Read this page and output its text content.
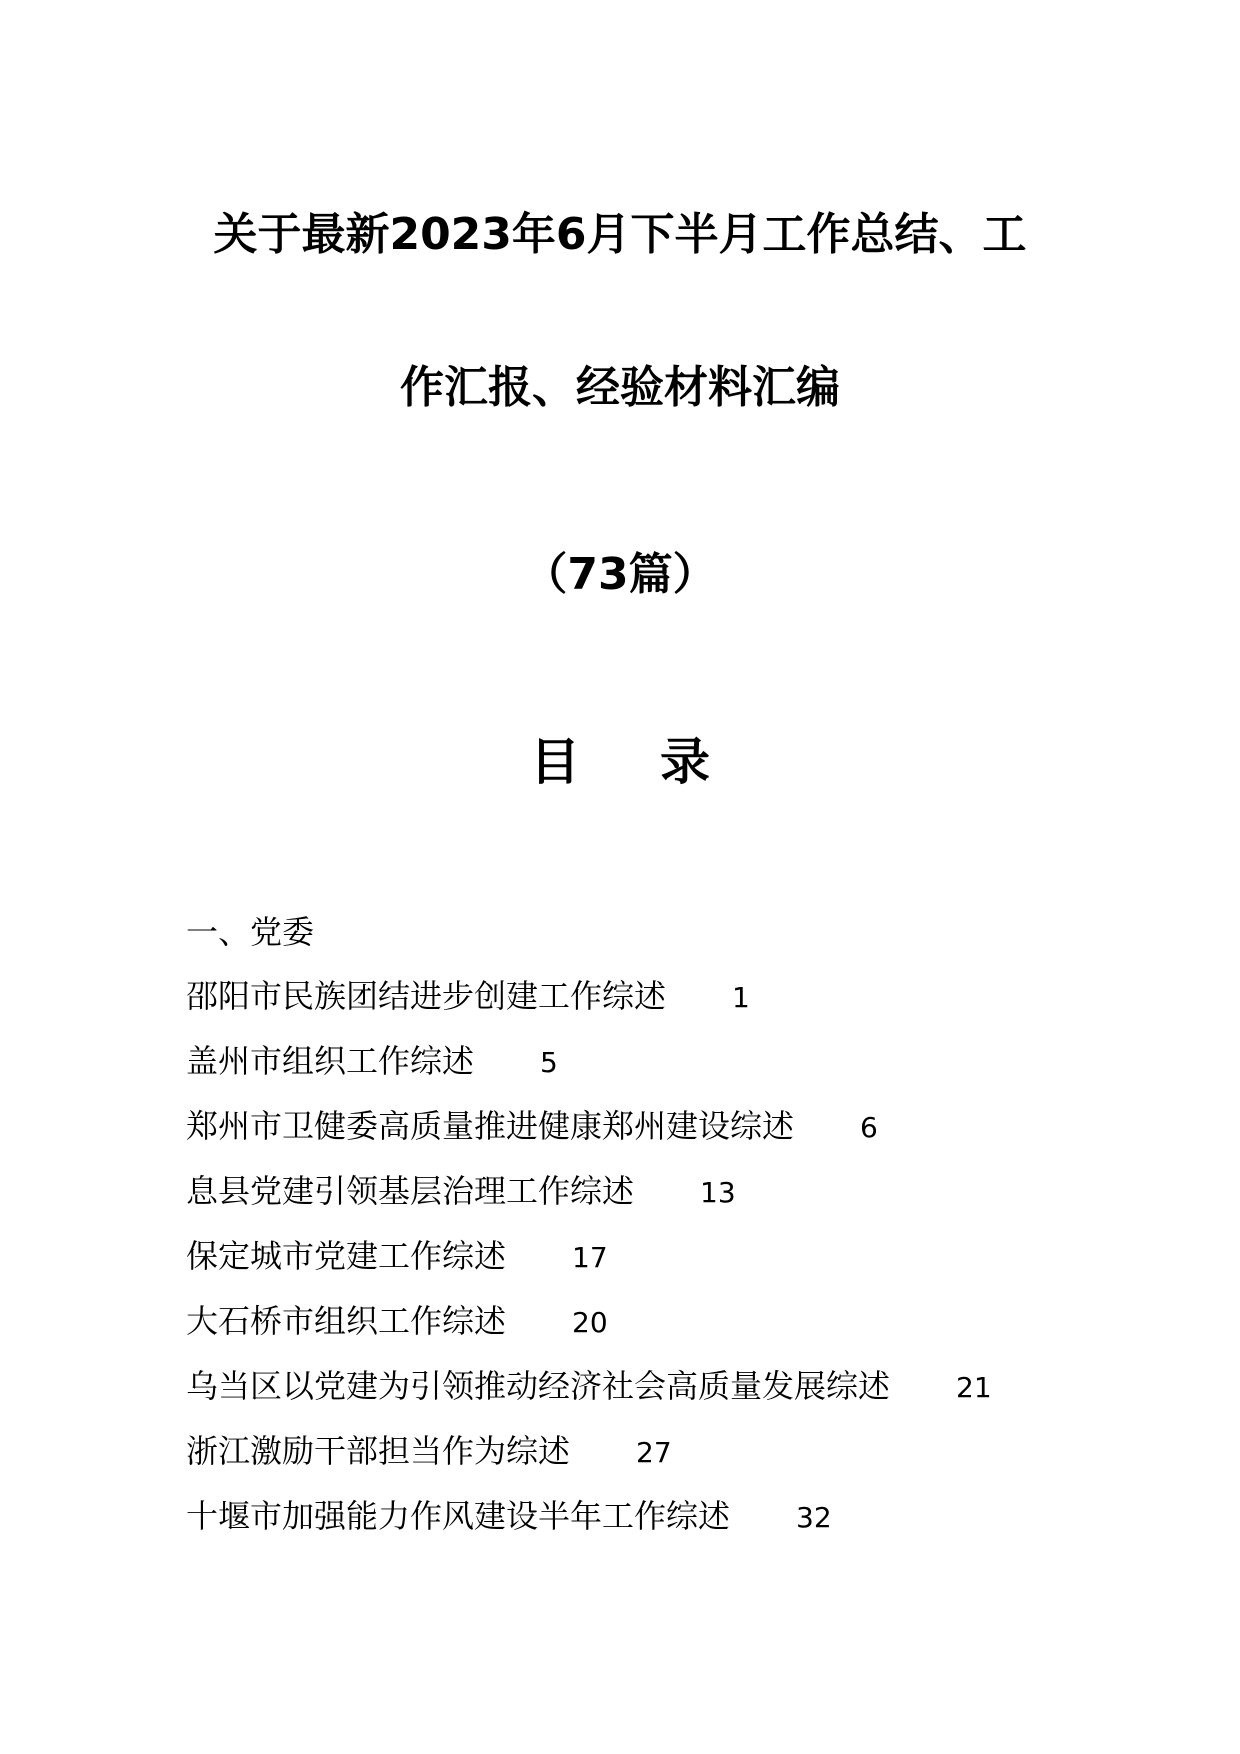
关于最新2023年6月下半月工作总结、工
作汇报、经验材料汇编
（73篇）
目录
一、党委
邵阳市民族团结进步创建工作综述 1
盖州市组织工作综述 5
郑州市卫健委高质量推进健康郑州建设综述 6
息县党建引领基层治理工作综述 13
保定城市党建工作综述 17
大石桥市组织工作综述 20
乌当区以党建为引领推动经济社会高质量发展综述 21
浙江激励干部担当作为综述 27
十堰市加强能力作风建设半年工作综述 32
